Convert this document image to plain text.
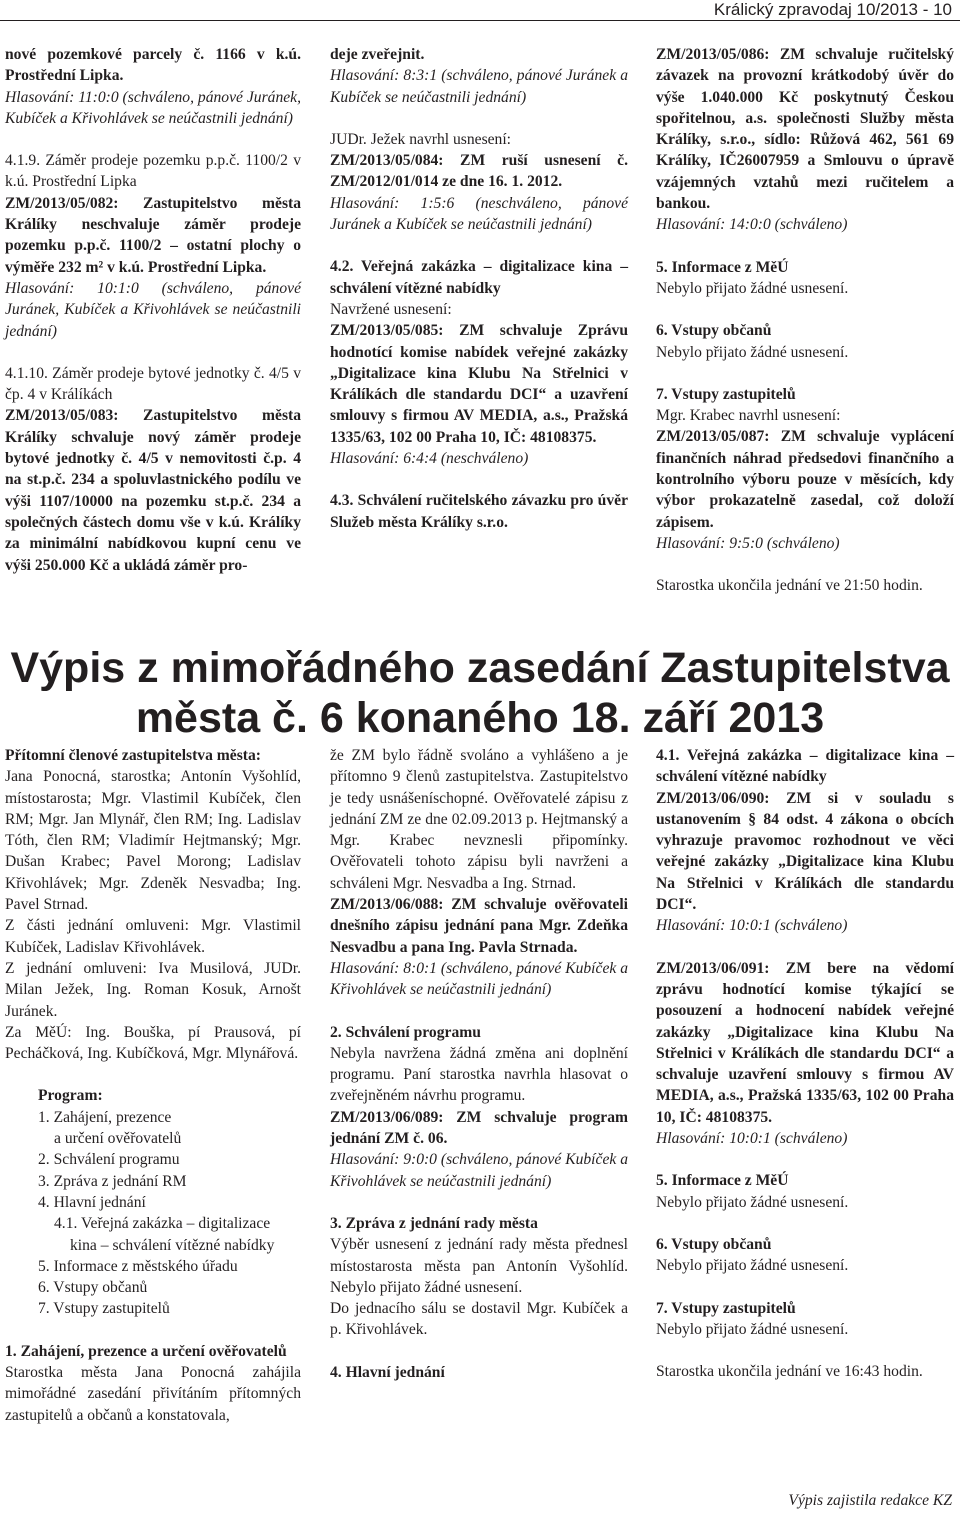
Králický zpravodaj 10/2013 - 10

nové pozemkové parcely č. 1166 v k.ú. Prostřední Lipka.

Hlasování: 11:0:0 (schváleno, pánové Juránek, Kubíček a Křivohlávek se neúčastnili jednání)

4.1.9. Záměr prodeje pozemku p.p.č. 1100/2 v k.ú. Prostřední Lipka

ZM/2013/05/082: Zastupitelstvo města Králíky neschvaluje záměr prodeje pozemku p.p.č. 1100/2 – ostatní plochy o výměře 232 m² v k.ú. Prostřední Lipka.

Hlasování: 10:1:0 (schváleno, pánové Juránek, Kubíček a Křivohlávek se neúčastnili jednání)

4.1.10. Záměr prodeje bytové jednotky č. 4/5 v čp. 4 v Králíkách

ZM/2013/05/083: Zastupitelstvo města Králíky schvaluje nový záměr prodeje bytové jednotky č. 4/5 v nemovitosti č.p. 4 na st.p.č. 234 a spoluvlastnického podílu ve výši 1107/10000 na pozemku st.p.č. 234 a společných částech domu vše v k.ú. Králíky za minimální nabídkovou kupní cenu ve výši 250.000 Kč a ukládá záměr pro-

deje zveřejnit.

Hlasování: 8:3:1 (schváleno, pánové Juránek a Kubíček se neúčastnili jednání)

JUDr. Ježek navrhl usnesení:

ZM/2013/05/084: ZM ruší usnesení č. ZM/2012/01/014 ze dne 16. 1. 2012.

Hlasování: 1:5:6 (neschváleno, pánové Juránek a Kubíček se neúčastnili jednání)

4.2. Veřejná zakázka – digitalizace kina – schválení vítězné nabídky

Navržené usnesení:

ZM/2013/05/085: ZM schvaluje Zprávu hodnotící komise nabídek veřejné zakázky „Digitalizace kina Klubu Na Střelnici v Králíkách dle standardu DCI“ a uzavření smlouvy s firmou AV MEDIA, a.s., Pražská 1335/63, 102 00 Praha 10, IČ: 48108375.

Hlasování: 6:4:4 (neschváleno)

4.3. Schválení ručitelského závazku pro úvěr Služeb města Králíky s.r.o.

ZM/2013/05/086: ZM schvaluje ručitelský závazek na provozní krátkodobý úvěr do výše 1.040.000 Kč poskytnutý Českou spořitelnou, a.s. společnosti Služby města Králíky, s.r.o., sídlo: Růžová 462, 561 69 Králíky, IČ26007959 a Smlouvu o úpravě vzájemných vztahů mezi ručitelem a bankou.

Hlasování: 14:0:0 (schváleno)

5. Informace z MěÚ

Nebylo přijato žádné usnesení.

6. Vstupy občanů

Nebylo přijato žádné usnesení.

7. Vstupy zastupitelů

Mgr. Krabec navrhl usnesení:

ZM/2013/05/087: ZM schvaluje vyplácení finančních náhrad předsedovi finančního a kontrolního výboru pouze v měsících, kdy výbor prokazatelně zasedal, což doloží zápisem.

Hlasování: 9:5:0 (schváleno)

Starostka ukončila jednání ve 21:50 hodin.

Výpis z mimořádného zasedání Zastupitelstva
města č. 6 konaného 18. září 2013

Přítomní členové zastupitelstva města:

Jana Ponocná, starostka; Antonín Vyšohlíd, místostarosta; Mgr. Vlastimil Kubíček, člen RM; Mgr. Jan Mlynář, člen RM; Ing. Ladislav Tóth, člen RM; Vladimír Hejtmanský; Mgr. Dušan Krabec; Pavel Morong; Ladislav Křivohlávek; Mgr. Zdeněk Nesvadba; Ing. Pavel Strnad.

Z části jednání omluveni: Mgr. Vlastimil Kubíček, Ladislav Křivohlávek.

Z jednání omluveni: Iva Musilová, JUDr. Milan Ježek, Ing. Roman Kosuk, Arnošt Juránek.

Za MěÚ: Ing. Bouška, pí Prausová, pí Pecháčková, Ing. Kubíčková, Mgr. Mlynářová.

Program:

1. Zahájení, prezence

a určení ověřovatelů

2. Schválení programu

3. Zpráva z jednání RM

4. Hlavní jednání

4.1. Veřejná zakázka – digitalizace

kina – schválení vítězné nabídky

5. Informace z městského úřadu

6. Vstupy občanů

7. Vstupy zastupitelů

1. Zahájení, prezence a určení ověřovatelů

Starostka města Jana Ponocná zahájila mimořádné zasedání přivítáním přítomných zastupitelů a občanů a konstatovala,

že ZM bylo řádně svoláno a vyhlášeno a je přítomno 9 členů zastupitelstva. Zastupitelstvo je tedy usnášeníschopné. Ověřovatelé zápisu z jednání ZM ze dne 02.09.2013 p. Hejtmanský a Mgr. Krabec nevznesli připomínky. Ověřovateli tohoto zápisu byli navrženi a schváleni Mgr. Nesvadba a Ing. Strnad.

ZM/2013/06/088: ZM schvaluje ověřovateli dnešního zápisu jednání pana Mgr. Zdeňka Nesvadbu a pana Ing. Pavla Strnada.

Hlasování: 8:0:1 (schváleno, pánové Kubíček a Křivohlávek se neúčastnili jednání)

2. Schválení programu

Nebyla navržena žádná změna ani doplnění programu. Paní starostka navrhla hlasovat o zveřejněném návrhu programu.

ZM/2013/06/089: ZM schvaluje program jednání ZM č. 06.

Hlasování: 9:0:0 (schváleno, pánové Kubíček a Křivohlávek se neúčastnili jednání)

3. Zpráva z jednání rady města

Výběr usnesení z jednání rady města přednesl místostarosta města pan Antonín Vyšohlíd. Nebylo přijato žádné usnesení.

Do jednacího sálu se dostavil Mgr. Kubíček a p. Křivohlávek.

4. Hlavní jednání

4.1. Veřejná zakázka – digitalizace kina – schválení vítězné nabídky

ZM/2013/06/090: ZM si v souladu s ustanovením § 84 odst. 4 zákona o obcích vyhrazuje pravomoc rozhodnout ve věci veřejné zakázky „Digitalizace kina Klubu Na Střelnici v Králíkách dle standardu DCI“.

Hlasování: 10:0:1 (schváleno)

ZM/2013/06/091: ZM bere na vědomí zprávu hodnotící komise týkající se posouzení a hodnocení nabídek veřejné zakázky „Digitalizace kina Klubu Na Střelnici v Králíkách dle standardu DCI“ a schvaluje uzavření smlouvy s firmou AV MEDIA, a.s., Pražská 1335/63, 102 00 Praha 10, IČ: 48108375.

Hlasování: 10:0:1 (schváleno)

5. Informace z MěÚ

Nebylo přijato žádné usnesení.

6. Vstupy občanů

Nebylo přijato žádné usnesení.

7. Vstupy zastupitelů

Nebylo přijato žádné usnesení.

Starostka ukončila jednání ve 16:43 hodin.

Výpis zajistila redakce KZ
